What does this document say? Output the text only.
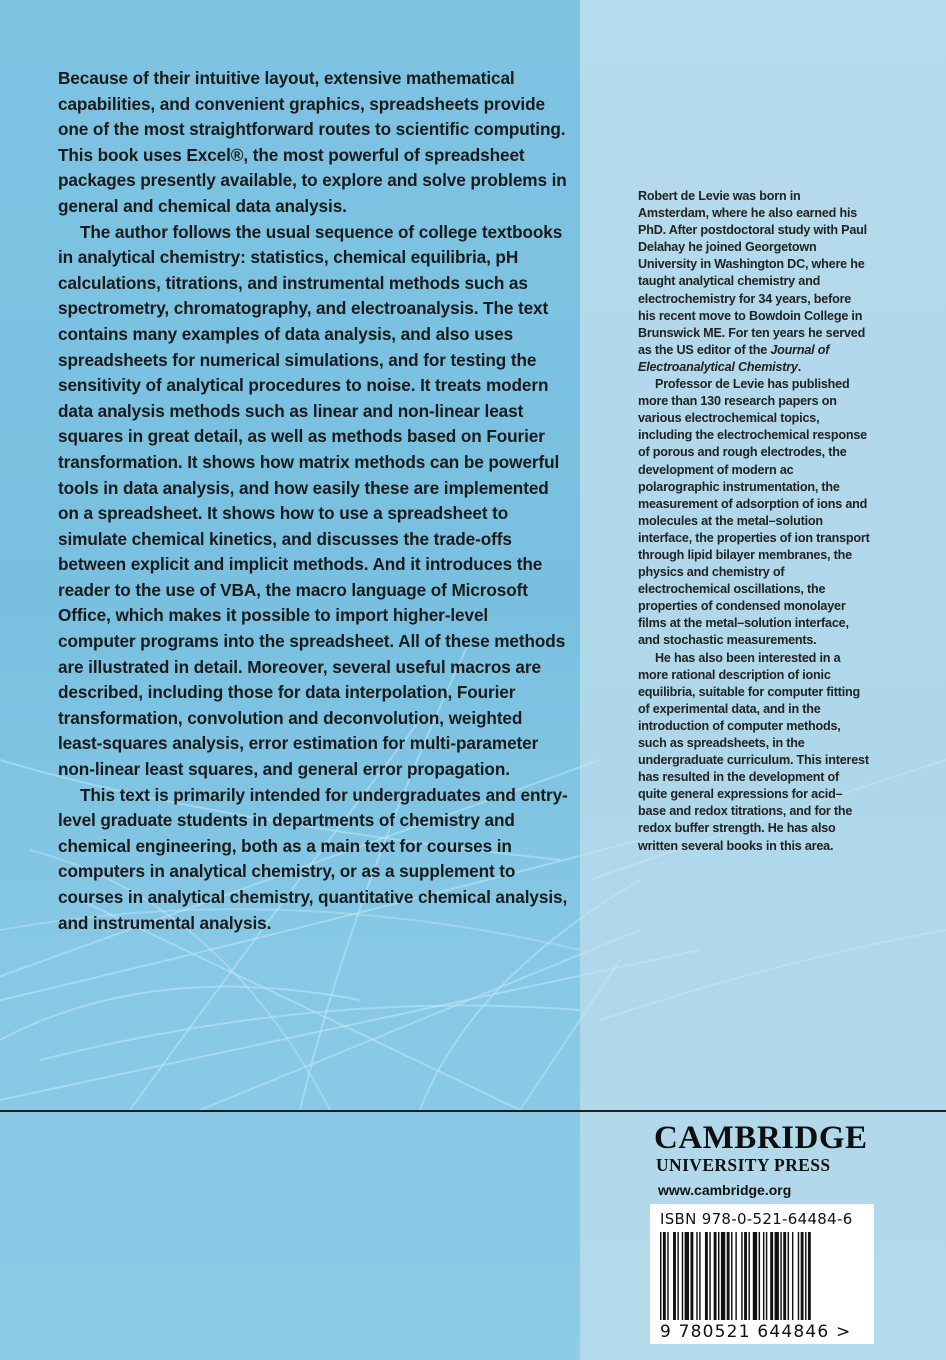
Because of their intuitive layout, extensive mathematical capabilities, and convenient graphics, spreadsheets provide one of the most straightforward routes to scientific computing. This book uses Excel®, the most powerful of spreadsheet packages presently available, to explore and solve problems in general and chemical data analysis.

The author follows the usual sequence of college textbooks in analytical chemistry: statistics, chemical equilibria, pH calculations, titrations, and instrumental methods such as spectrometry, chromatography, and electroanalysis. The text contains many examples of data analysis, and also uses spreadsheets for numerical simulations, and for testing the sensitivity of analytical procedures to noise. It treats modern data analysis methods such as linear and non-linear least squares in great detail, as well as methods based on Fourier transformation. It shows how matrix methods can be powerful tools in data analysis, and how easily these are implemented on a spreadsheet. It shows how to use a spreadsheet to simulate chemical kinetics, and discusses the trade-offs between explicit and implicit methods. And it introduces the reader to the use of VBA, the macro language of Microsoft Office, which makes it possible to import higher-level computer programs into the spreadsheet. All of these methods are illustrated in detail. Moreover, several useful macros are described, including those for data interpolation, Fourier transformation, convolution and deconvolution, weighted least-squares analysis, error estimation for multi-parameter non-linear least squares, and general error propagation.

This text is primarily intended for undergraduates and entry-level graduate students in departments of chemistry and chemical engineering, both as a main text for courses in computers in analytical chemistry, or as a supplement to courses in analytical chemistry, quantitative chemical analysis, and instrumental analysis.

Robert de Levie was born in Amsterdam, where he also earned his PhD. After postdoctoral study with Paul Delahay he joined Georgetown University in Washington DC, where he taught analytical chemistry and electrochemistry for 34 years, before his recent move to Bowdoin College in Brunswick ME. For ten years he served as the US editor of the Journal of Electroanalytical Chemistry.

Professor de Levie has published more than 130 research papers on various electrochemical topics, including the electrochemical response of porous and rough electrodes, the development of modern ac polarographic instrumentation, the measurement of adsorption of ions and molecules at the metal–solution interface, the properties of ion transport through lipid bilayer membranes, the physics and chemistry of electrochemical oscillations, the properties of condensed monolayer films at the metal–solution interface, and stochastic measurements.

He has also been interested in a more rational description of ionic equilibria, suitable for computer fitting of experimental data, and in the introduction of computer methods, such as spreadsheets, in the undergraduate curriculum. This interest has resulted in the development of quite general expressions for acid–base and redox titrations, and for the redox buffer strength. He has also written several books in this area.

CAMBRIDGE
UNIVERSITY PRESS
www.cambridge.org
ISBN 978-0-521-64484-6
9 780521 644846 >
